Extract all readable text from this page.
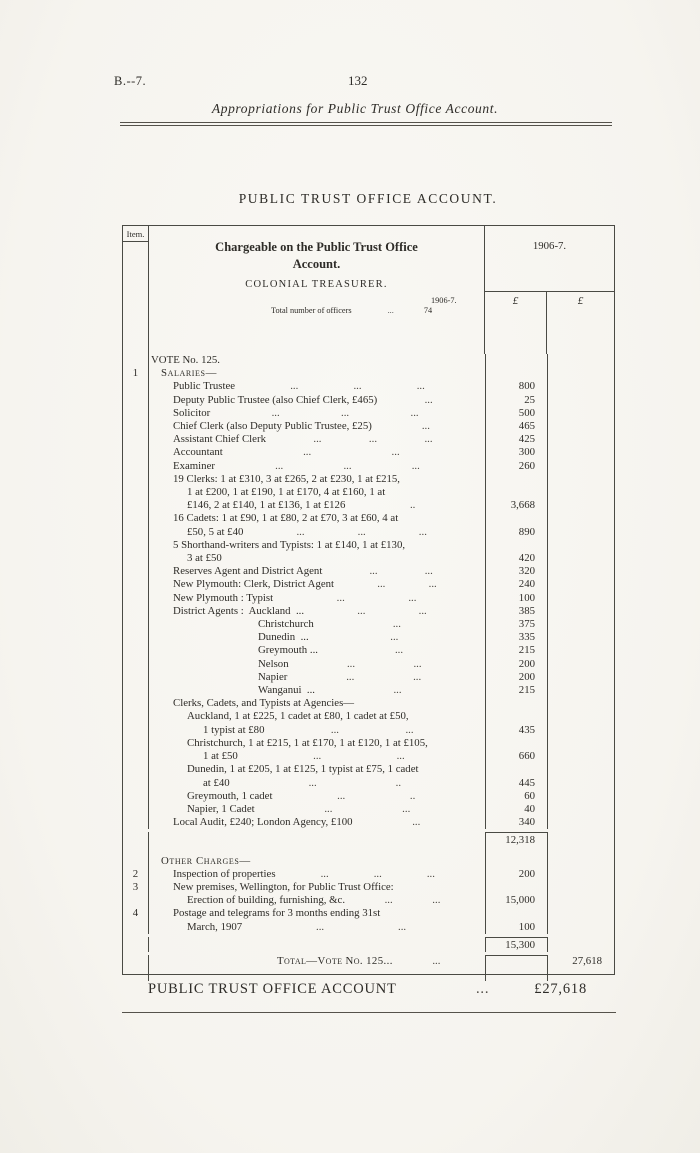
B.--7.	132
Appropriations for Public Trust Office Account.
PUBLIC TRUST OFFICE ACCOUNT.
Item.
Chargeable on the Public Trust Office Account.
COLONIAL TREASURER.
1906-7.
Total number of officers	...	74
1906-7.
£	£
VOTE No. 125.
1	Salaries—
Public Trustee	...	...	...	800
Deputy Public Trustee (also Chief Clerk, £465)	...	25
Solicitor	...	...	...	500
Chief Clerk (also Deputy Public Trustee, £25)	...	465
Assistant Chief Clerk	...	...	...	425
Accountant	...	...	300
Examiner	...	...	...	260
19 Clerks: 1 at £310, 3 at £265, 2 at £230, 1 at £215,
1 at £200, 1 at £190, 1 at £170, 4 at £160, 1 at
£146, 2 at £140, 1 at £136, 1 at £126	..	3,668
16 Cadets: 1 at £90, 1 at £80, 2 at £70, 3 at £60, 4 at
£50, 5 at £40	...	...	...	890
5 Shorthand-writers and Typists: 1 at £140, 1 at £130,
3 at £50	420
Reserves Agent and District Agent	...	...	320
New Plymouth: Clerk, District Agent	...	...	240
New Plymouth : Typist	...	...	100
District Agents :  Auckland  ...	...	...	385
Christchurch	...	375
Dunedin  ...	...	335
Greymouth ...	...	215
Nelson	...	...	200
Napier	...	...	200
Wanganui  ...	...	215
Clerks, Cadets, and Typists at Agencies—
Auckland, 1 at £225, 1 cadet at £80, 1 cadet at £50,
1 typist at £80	...	...	435
Christchurch, 1 at £215, 1 at £170, 1 at £120, 1 at £105,
1 at £50	...	...	660
Dunedin, 1 at £205, 1 at £125, 1 typist at £75, 1 cadet
at £40	...	..	445
Greymouth, 1 cadet	...	..	60
Napier, 1 Cadet	...	...	40
Local Audit, £240; London Agency, £100	...	340
12,318
Other Charges—
2	Inspection of properties	...	...	...	200
3	New premises, Wellington, for Public Trust Office:
Erection of building, furnishing, &c.	...	...	15,000
4	Postage and telegrams for 3 months ending 31st
March, 1907	...	...	100
15,300
Total—Vote No. 125...	...	27,618
PUBLIC TRUST OFFICE ACCOUNT	...	£27,618
